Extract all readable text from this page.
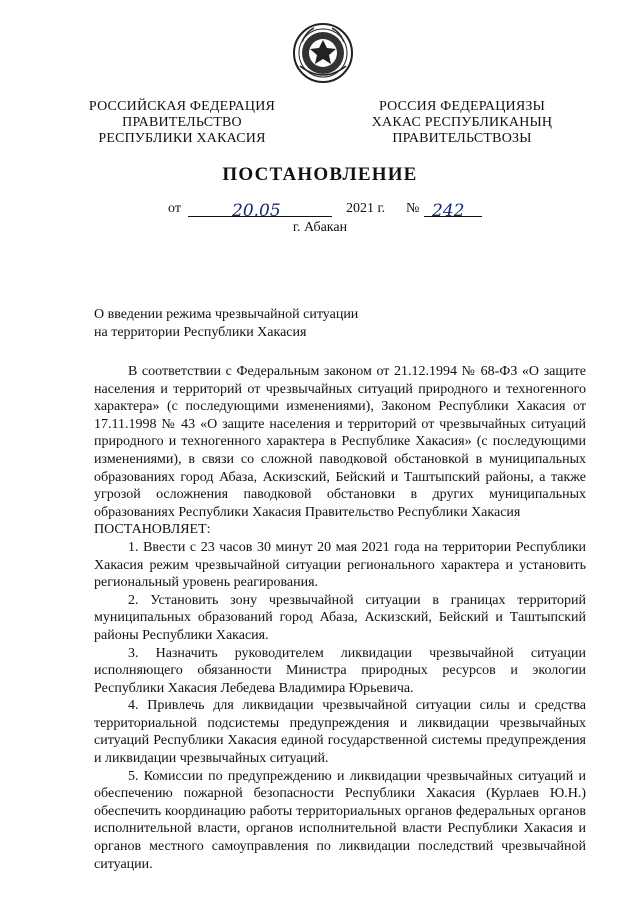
РОССИЙСКАЯ ФЕДЕРАЦИЯ
ПРАВИТЕЛЬСТВО
РЕСПУБЛИКИ ХАКАСИЯ
РОССИЯ ФЕДЕРАЦИЯЗЫ
ХАКАС РЕСПУБЛИКАНЫҢ
ПРАВИТЕЛЬСТВОЗЫ
ПОСТАНОВЛЕНИЕ
от	20.05	2021 г. № 242
г. Абакан
О введении режима чрезвычайной ситуации
на территории Республики Хакасия

В соответствии с Федеральным законом от 21.12.1994 № 68-ФЗ «О защите населения и территорий от чрезвычайных ситуаций природного и техногенного характера» (с последующими изменениями), Законом Республики Хакасия от 17.11.1998 № 43 «О защите населения и территорий от чрезвычайных ситуаций природного и техногенного характера в Республике Хакасия» (с последующими изменениями), в связи со сложной паводковой обстановкой в муниципальных образованиях город Абаза, Аскизский, Бейский и Таштыпский районы, а также угрозой осложнения паводковой обстановки в других муниципальных образованиях Республики Хакасия Правительство Республики Хакасия

ПОСТАНОВЛЯЕТ:

1. Ввести с 23 часов 30 минут 20 мая 2021 года на территории Республики Хакасия режим чрезвычайной ситуации регионального характера и установить региональный уровень реагирования.

2. Установить зону чрезвычайной ситуации в границах территорий муниципальных образований город Абаза, Аскизский, Бейский и Таштыпский районы Республики Хакасия.

3. Назначить руководителем ликвидации чрезвычайной ситуации исполняющего обязанности Министра природных ресурсов и экологии Республики Хакасия Лебедева Владимира Юрьевича.

4. Привлечь для ликвидации чрезвычайной ситуации силы и средства территориальной подсистемы предупреждения и ликвидации чрезвычайных ситуаций Республики Хакасия единой государственной системы предупреждения и ликвидации чрезвычайных ситуаций.

5. Комиссии по предупреждению и ликвидации чрезвычайных ситуаций и обеспечению пожарной безопасности Республики Хакасия (Курлаев Ю.Н.) обеспечить координацию работы территориальных органов федеральных органов исполнительной власти, органов исполнительной власти Республики Хакасия и органов местного самоуправления по ликвидации последствий чрезвычайной ситуации.
